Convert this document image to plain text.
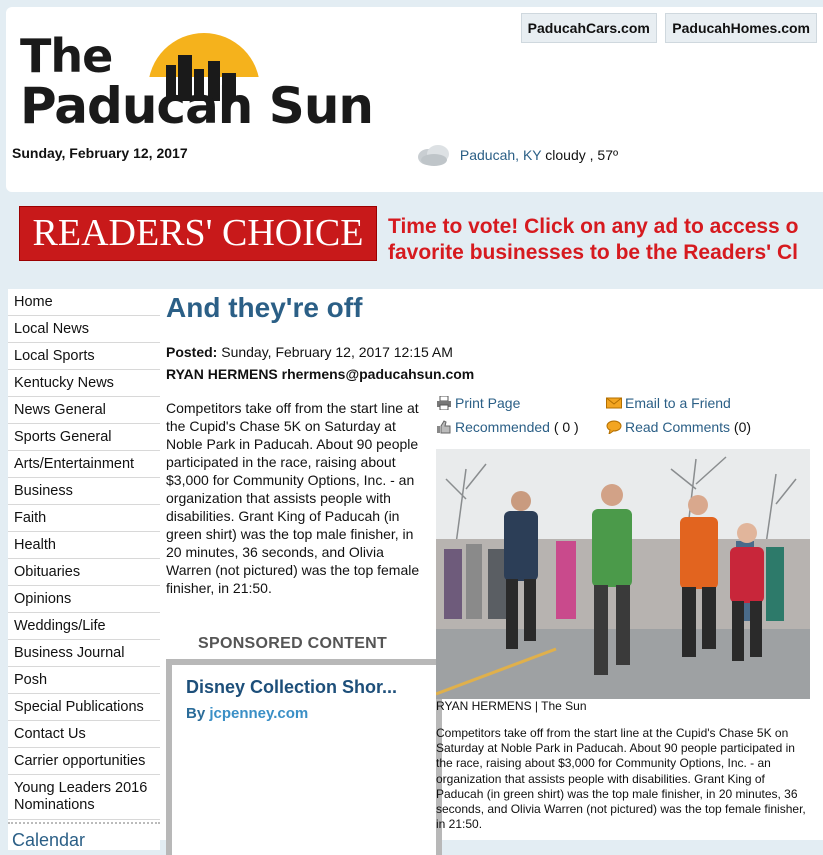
The
Paducah Sun
PaducahCars.com PaducahHomes.com
Sunday, February 12, 2017	Paducah, KY cloudy , 57º
READERS' CHOICE	Time to vote! Click on any ad to access o
favorite businesses to be the Readers' Cl
Home
Local News
Local Sports
Kentucky News
News General
Sports General
Arts/Entertainment
Business
Faith
Health
Obituaries
Opinions
Weddings/Life
Business Journal
Posh
Special Publications
Contact Us
Carrier opportunities
Young Leaders 2016 Nominations
Calendar
And they're off
Posted: Sunday, February 12, 2017 12:15 AM
RYAN HERMENS rhermens@paducahsun.com
Competitors take off from the start line at the Cupid's Chase 5K on Saturday at Noble Park in Paducah. About 90 people participated in the race, raising about $3,000 for Community Options, Inc. - an organization that assists people with disabilities. Grant King of Paducah (in green shirt) was the top male finisher, in 20 minutes, 36 seconds, and Olivia Warren (not pictured) was the top female finisher, in 21:50.
Print Page	Email to a Friend
Recommended ( 0 )	Read Comments (0)
SPONSORED CONTENT
Disney Collection Shor...
By jcpenney.com	RYAN HERMENS | The Sun
Competitors take off from the start line at the Cupid's Chase 5K on Saturday at Noble Park in Paducah. About 90 people participated in the race, raising about $3,000 for Community Options, Inc. - an organization that assists people with disabilities. Grant King of Paducah (in green shirt) was the top male finisher, in 20 minutes, 36 seconds, and Olivia Warren (not pictured) was the top female finisher, in 21:50.
